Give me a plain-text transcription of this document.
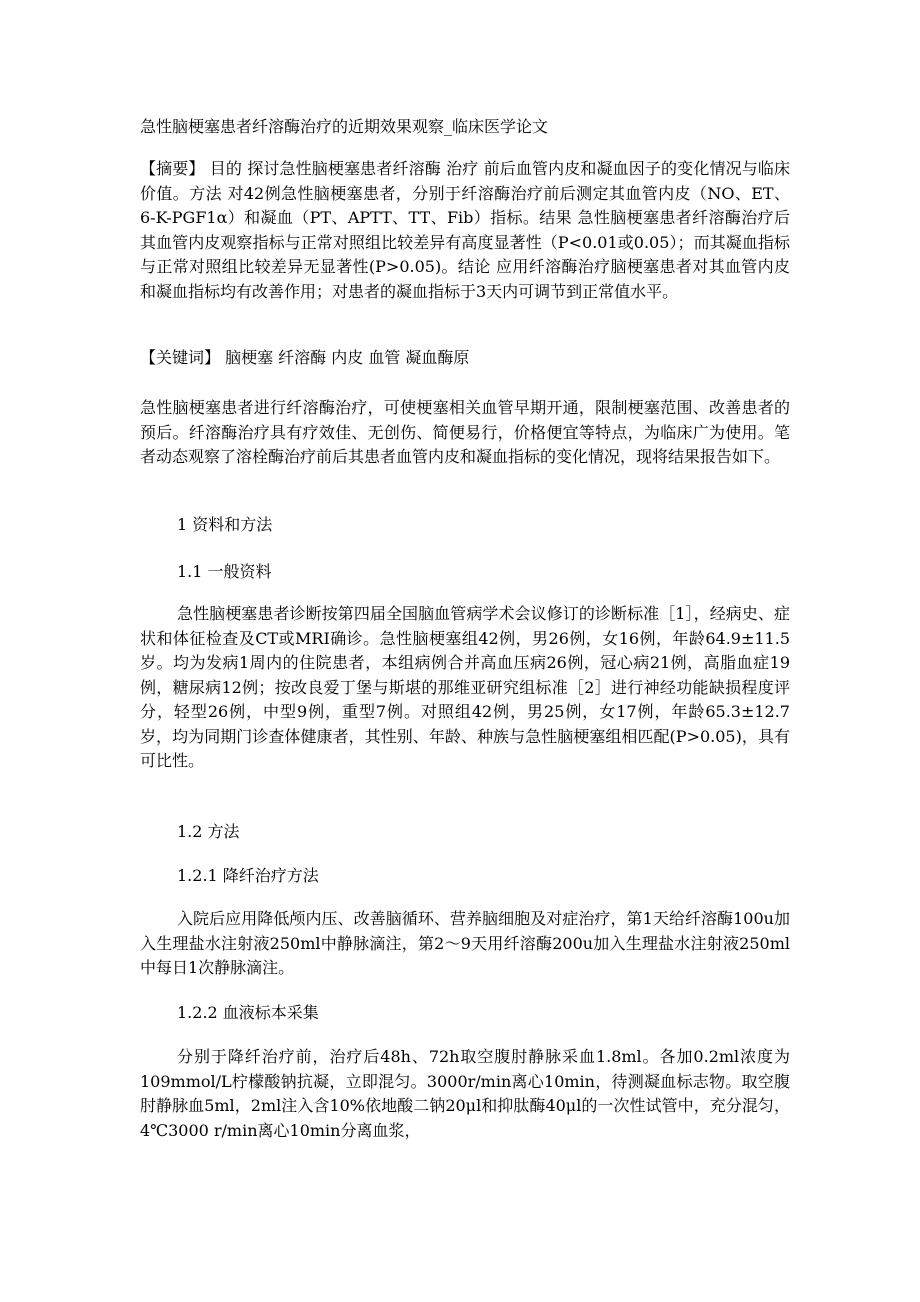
急性脑梗塞患者纤溶酶治疗的近期效果观察_临床医学论文

【摘要】 目的 探讨急性脑梗塞患者纤溶酶 治疗 前后血管内皮和凝血因子的变化情况与临床价值。方法 对42例急性脑梗塞患者，分别于纤溶酶治疗前后测定其血管内皮（NO、ET、6-K-PGF1α）和凝血（PT、APTT、TT、Fib）指标。结果 急性脑梗塞患者纤溶酶治疗后其血管内皮观察指标与正常对照组比较差异有高度显著性（P<0.01或0.05）；而其凝血指标与正常对照组比较差异无显著性(P>0.05)。结论 应用纤溶酶治疗脑梗塞患者对其血管内皮和凝血指标均有改善作用；对患者的凝血指标于3天内可调节到正常值水平。

【关键词】 脑梗塞 纤溶酶 内皮 血管 凝血酶原

急性脑梗塞患者进行纤溶酶治疗，可使梗塞相关血管早期开通，限制梗塞范围、改善患者的预后。纤溶酶治疗具有疗效佳、无创伤、简便易行，价格便宜等特点，为临床广为使用。笔者动态观察了溶栓酶治疗前后其患者血管内皮和凝血指标的变化情况，现将结果报告如下。

1 资料和方法

1.1 一般资料

急性脑梗塞患者诊断按第四届全国脑血管病学术会议修订的诊断标准［1］，经病史、症状和体征检查及CT或MRI确诊。急性脑梗塞组42例，男26例，女16例，年龄64.9±11.5岁。均为发病1周内的住院患者，本组病例合并高血压病26例，冠心病21例，高脂血症19例，糖尿病12例；按改良爱丁堡与斯堪的那维亚研究组标准［2］进行神经功能缺损程度评分，轻型26例，中型9例，重型7例。对照组42例，男25例，女17例，年龄65.3±12.7岁，均为同期门诊查体健康者，其性别、年龄、种族与急性脑梗塞组相匹配(P>0.05)，具有可比性。

1.2 方法

1.2.1 降纤治疗方法

入院后应用降低颅内压、改善脑循环、营养脑细胞及对症治疗，第1天给纤溶酶100u加入生理盐水注射液250ml中静脉滴注，第2～9天用纤溶酶200u加入生理盐水注射液250ml中每日1次静脉滴注。

1.2.2 血液标本采集

分别于降纤治疗前，治疗后48h、72h取空腹肘静脉采血1.8ml。各加0.2ml浓度为109mmol/L柠檬酸钠抗凝，立即混匀。3000r/min离心10min，待测凝血标志物。取空腹肘静脉血5ml，2ml注入含10%依地酸二钠20μl和抑肽酶40μl的一次性试管中，充分混匀，4℃3000 r/min离心10min分离血浆，
